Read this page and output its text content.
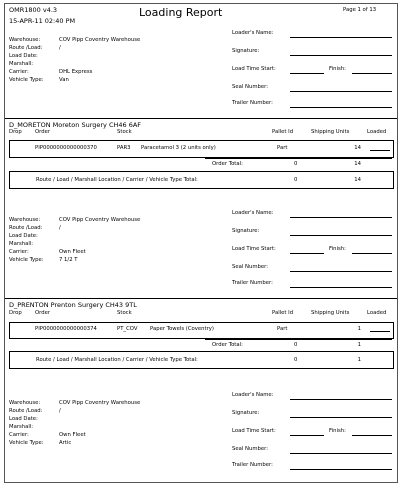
OMR1800 v4.3
15-APR-11 02:40 PM
Loading Report	Page 1 of 13
Warehouse:	COV Pipp Coventry Warehouse
Route /Load:	/
Load Date:
Marshall:
Carrier:	DHL Express
Vehicle Type:	Van
Loader's Name:
Signature:
Load Time Start:	Finish:
Seal Number:
Trailer Number:
D_MORETON Moreton Surgery CH46 6AF
Drop	Order	Stock	Pallet Id	Shipping Units	Loaded
PIP0000000000000370	PAR3 Paracetamol 3 (2 units only)	Part	14
Order Total:	0	14
Route / Load / Marshall Location / Carrier / Vehicle Type Total:	0	14
Loader's Name:
Signature:
Load Time Start:	Finish:
Seal Number:
Trailer Number:
Warehouse:	COV Pipp Coventry Warehouse
Route /Load:	/
Load Date:
Marshall:
Carrier:	Own Fleet
Vehicle Type:	7 1/2 T
D_PRENTON Prenton Surgery CH43 9TL
Drop	Order	Stock	Pallet Id	Shipping Units	Loaded
PIP0000000000000374	PT_COV Paper Towels (Coventry)	Part	1
Order Total:	0	1
Route / Load / Marshall Location / Carrier / Vehicle Type Total:	0	1
Loader's Name:
Signature:
Load Time Start:	Finish:
Seal Number:
Trailer Number:
Warehouse:	COV Pipp Coventry Warehouse
Route /Load:	/
Load Date:
Marshall:
Carrier:	Own Fleet
Vehicle Type:	Artic
